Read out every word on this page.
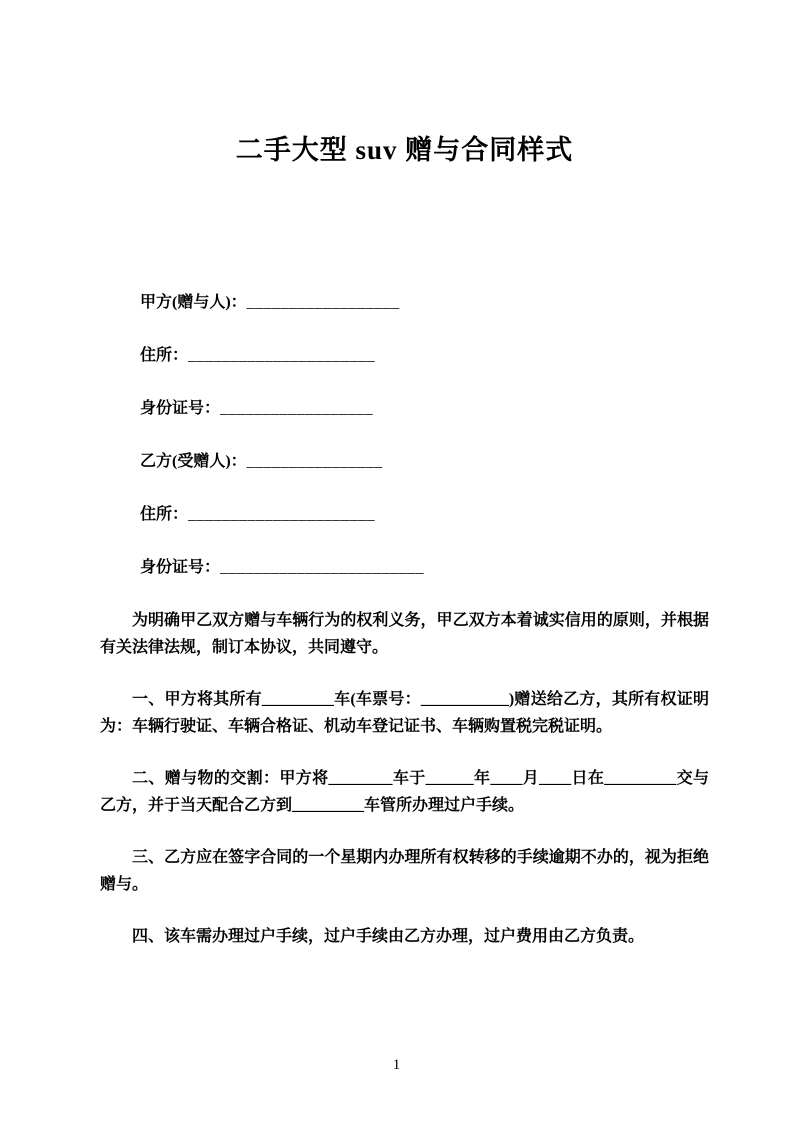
二手大型 suv 赠与合同样式

甲方(赠与人)：__________________

住所：______________________

身份证号：__________________

乙方(受赠人)：________________

住所：______________________

身份证号：________________________

为明确甲乙双方赠与车辆行为的权利义务，甲乙双方本着诚实信用的原则，并根据有关法律法规，制订本协议，共同遵守。

一、甲方将其所有_________车(车票号：___________)赠送给乙方，其所有权证明为：车辆行驶证、车辆合格证、机动车登记证书、车辆购置税完税证明。

二、赠与物的交割：甲方将________车于______年____月____日在_________交与乙方，并于当天配合乙方到_________车管所办理过户手续。

三、乙方应在签字合同的一个星期内办理所有权转移的手续逾期不办的，视为拒绝赠与。

四、该车需办理过户手续，过户手续由乙方办理，过户费用由乙方负责。

1
